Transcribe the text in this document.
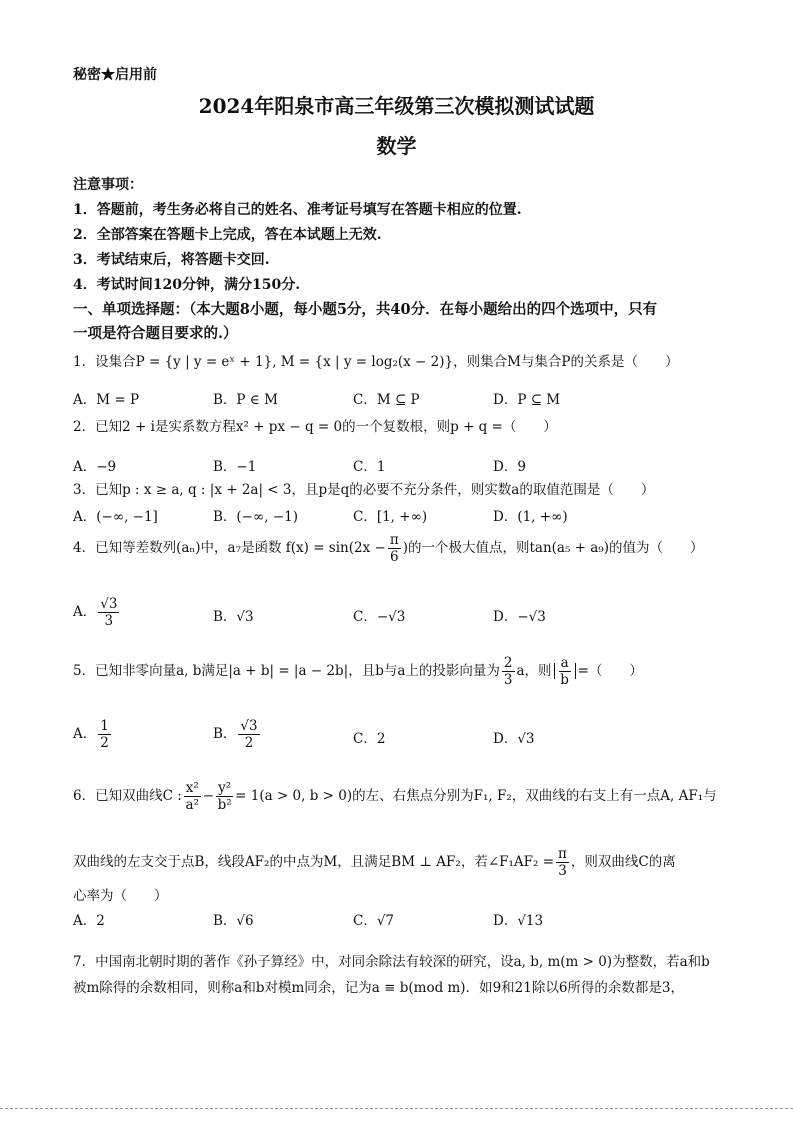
秘密★启用前
2024年阳泉市高三年级第三次模拟测试试题
数学
注意事项：
1．答题前，考生务必将自己的姓名、准考证号填写在答题卡相应的位置.
2．全部答案在答题卡上完成，答在本试题上无效.
3．考试结束后，将答题卡交回.
4．考试时间120分钟，满分150分.
一、单项选择题：（本大题8小题，每小题5分，共40分．在每小题给出的四个选项中，只有
一项是符合题目要求的.）
1．设集合P = {y | y = eˣ + 1}, M = {x | y = log₂(x − 2)}，则集合M与集合P的关系是（　　）
A．M = P	B．P ∈ M	C．M ⊆ P	D．P ⊆ M
2．已知2 + i是实系数方程x² + px − q = 0的一个复数根，则p + q =（　　）
A．−9	B．−1	C．1	D．9
3．已知p : x ≥ a, q : |x + 2a| < 3，且p是q的必要不充分条件，则实数a的取值范围是（　　）
A．(−∞, −1]	B．(−∞, −1)	C．[1, +∞)	D．(1, +∞)
4．已知等差数列(aₙ)中，a₇是函数 $f(x) = \sin(2x - \frac{\pi}{6}$ )的一个极大值点，则tan(a₅ + a₉)的值为（　　）
A． $\frac{√3}{3}$	B．√3	C．−√3	D．−√3
5．已知非零向量a, b满足|a + b| = |a − 2b|，且b与a上的投影向量为 $\frac{2}{3}$ a，则 $\frac{a}{b}$ =（　　）
A． $\frac{1}{2}$	B． $\frac{√3}{2}$	C．2	D．√3
6．已知双曲线C : $\frac{\text{x²}}{\text{a²}} - \frac{\text{y²}}{\text{b²}} = 1(a > 0$, b > 0)的左、右焦点分别为F₁, F₂，双曲线的右支上有一点A, AF₁与
双曲线的左支交于点B，线段AF₂的中点为M，且满足BM ⊥ AF₂，若∠F₁AF₂ = $\frac{\pi}{3}$ ，则双曲线C的离
心率为（　　）
A．2	B．√6	C．√7	D．√13
7．中国南北朝时期的著作《孙子算经》中，对同余除法有较深的研究，设a, b, m(m > 0)为整数，若a和b
被m除得的余数相同，则称a和b对模m同余，记为a ≡ b(mod m)．如9和21除以6所得的余数都是3，
